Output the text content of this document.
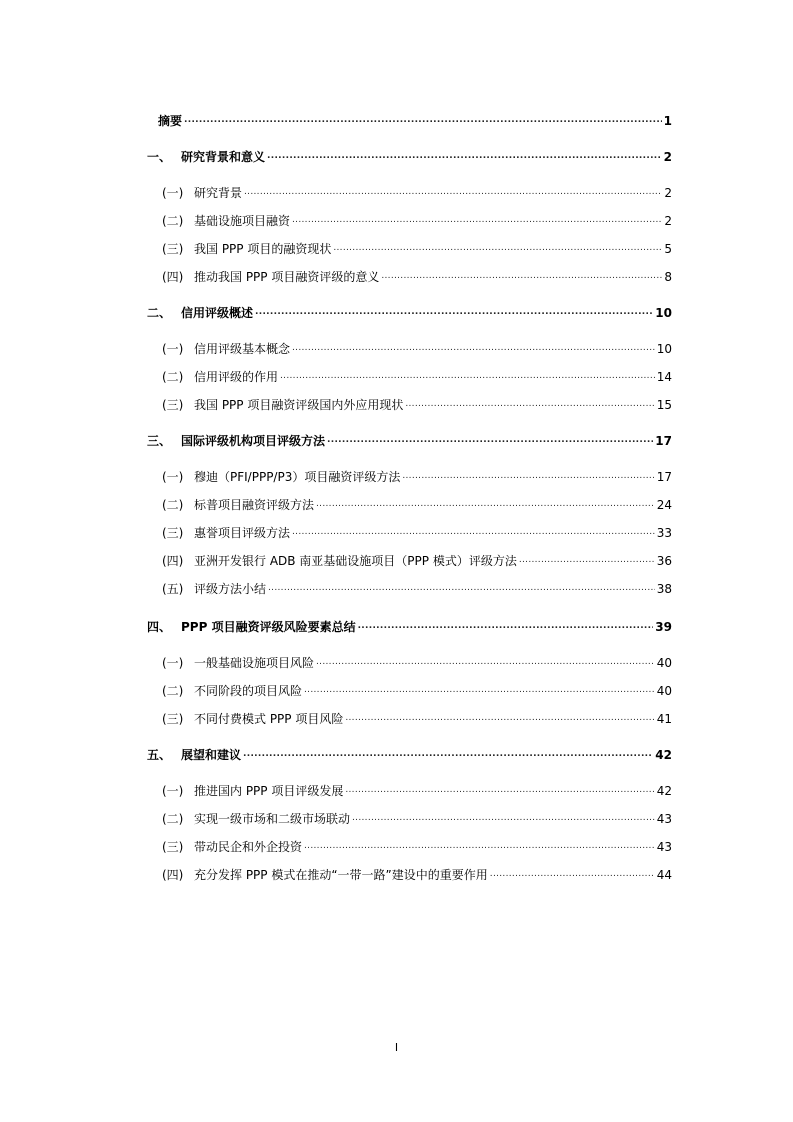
摘要 .....	1
一、 研究背景和意义 .....	2
(一) 研究背景 .....	2
(二) 基础设施项目融资 .....	2
(三) 我国 PPP 项目的融资现状 .....	5
(四) 推动我国 PPP 项目融资评级的意义 .....	8
二、 信用评级概述 .....	10
(一) 信用评级基本概念 .....	10
(二) 信用评级的作用 .....	14
(三) 我国 PPP 项目融资评级国内外应用现状 .....	15
三、 国际评级机构项目评级方法 .....	17
(一) 穆迪（PFI/PPP/P3）项目融资评级方法 .....	17
(二) 标普项目融资评级方法 .....	24
(三) 惠誉项目评级方法 .....	33
(四) 亚洲开发银行 ADB 南亚基础设施项目（PPP 模式）评级方法 .....	36
(五) 评级方法小结 .....	38
四、 PPP 项目融资评级风险要素总结 .....	39
(一) 一般基础设施项目风险 .....	40
(二) 不同阶段的项目风险 .....	40
(三) 不同付费模式 PPP 项目风险 .....	41
五、 展望和建议 .....	42
(一) 推进国内 PPP 项目评级发展 .....	42
(二) 实现一级市场和二级市场联动 .....	43
(三) 带动民企和外企投资 .....	43
(四) 充分发挥 PPP 模式在推动“一带一路”建设中的重要作用 .....	44
I
